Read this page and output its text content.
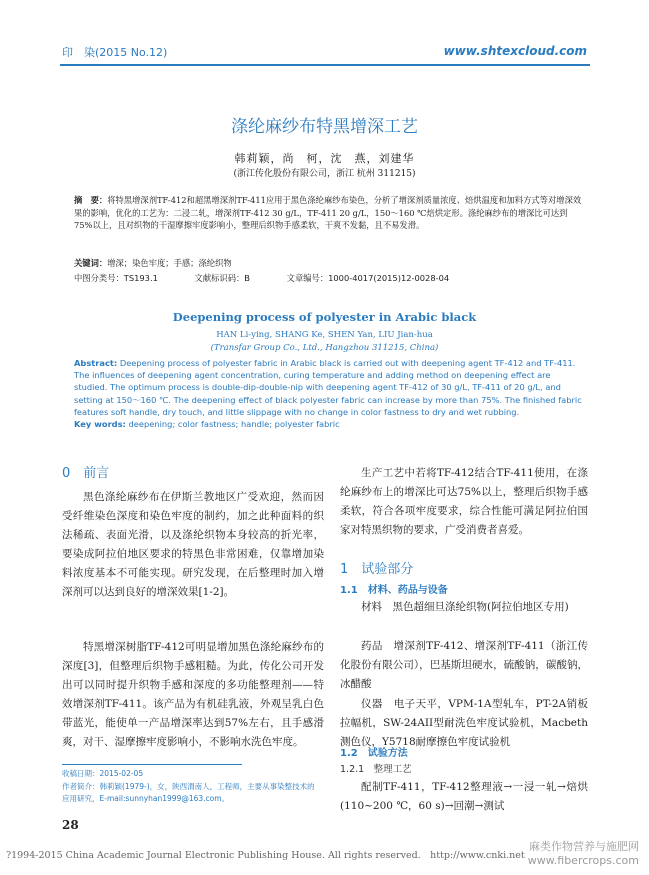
印　染(2015 No.12)	www.shtexcloud.com
涤纶麻纱布特黑增深工艺
韩莉颖，尚　柯，沈　燕，刘建华
(浙江传化股份有限公司，浙江 杭州 311215)
摘　要：将特黑增深剂TF-412和超黑增深剂TF-411应用于黑色涤纶麻纱布染色，分析了增深剂质量浓度、焙烘温度和加料方式等对增深效果的影响，优化的工艺为：二浸二轧，增深剂TF-412 30 g/L，TF-411 20 g/L，150～160 ℃焙烘定形。涤纶麻纱布的增深比可达到75%以上，且对织物的干湿摩擦牢度影响小，整理后织物手感柔软，干爽不发黏，且不易发滑。
关键词：增深；染色牢度；手感；涤纶织物
中图分类号：TS193.1	文献标识码：B	文章编号：1000-4017(2015)12-0028-04
Deepening process of polyester in Arabic black
HAN Li-ying, SHANG Ke, SHEN Yan, LIU Jian-hua
(Transfar Group Co., Ltd., Hangzhou 311215, China)
Abstract: Deepening process of polyester fabric in Arabic black is carried out with deepening agent TF-412 and TF-411. The influences of deepening agent concentration, curing temperature and adding method on deepening effect are studied. The optimum process is double-dip-double-nip with deepening agent TF-412 of 30 g/L, TF-411 of 20 g/L, and setting at 150～160 ℃. The deepening effect of black polyester fabric can increase by more than 75%. The finished fabric features soft handle, dry touch, and little slippage with no change in color fastness to dry and wet rubbing.
Key words: deepening; color fastness; handle; polyester fabric
0　前言
黑色涤纶麻纱布在伊斯兰教地区广受欢迎，然而因受纤维染色深度和染色牢度的制约，加之此种面料的织法稀疏、表面光滑，以及涤纶织物本身较高的折光率，要染成阿拉伯地区要求的特黑色非常困难，仅靠增加染料浓度基本不可能实现。研究发现，在后整理时加入增深剂可以达到良好的增深效果[1-2]。
特黑增深树脂TF-412可明显增加黑色涤纶麻纱布的深度[3]，但整理后织物手感粗糙。为此，传化公司开发出可以同时提升织物手感和深度的多功能整理剂——特效增深剂TF-411。该产品为有机硅乳液，外观呈乳白色带蓝光，能使单一产品增深率达到57%左右，且手感滑爽，对干、湿摩擦牢度影响小，不影响水洗色牢度。
收稿日期：2015-02-05
作者简介：韩莉颖(1979-)，女，陕西渭南人，工程师，主要从事染整技术的应用研究，E-mail:sunnyhan1999@163.com。
生产工艺中若将TF-412结合TF-411使用，在涤纶麻纱布上的增深比可达75%以上，整理后织物手感柔软，符合各项牢度要求，综合性能可满足阿拉伯国家对特黑织物的要求，广受消费者喜爱。
1　试验部分
1.1　材料、药品与设备
材料　黑色超细旦涤纶织物(阿拉伯地区专用)
药品　增深剂TF-412、增深剂TF-411（浙江传化股份有限公司），巴基斯坦硬水，硫酸钠，碳酸钠，冰醋酸
仪器　电子天平，VPM-1A型轧车，PT-2A销板拉幅机，SW-24AII型耐洗色牢度试验机，Macbeth测色仪，Y5718耐摩擦色牢度试验机
1.2　试验方法
1.2.1　整理工艺
配制TF-411，TF-412整理液→一浸一轧→焙烘(110~200 ℃，60 s)→回潮→测试
28
?1994-2015 China Academic Journal Electronic Publishing House. All rights reserved.　http://www.cnki.net
麻类作物营养与施肥网
www.fibercrops.com
